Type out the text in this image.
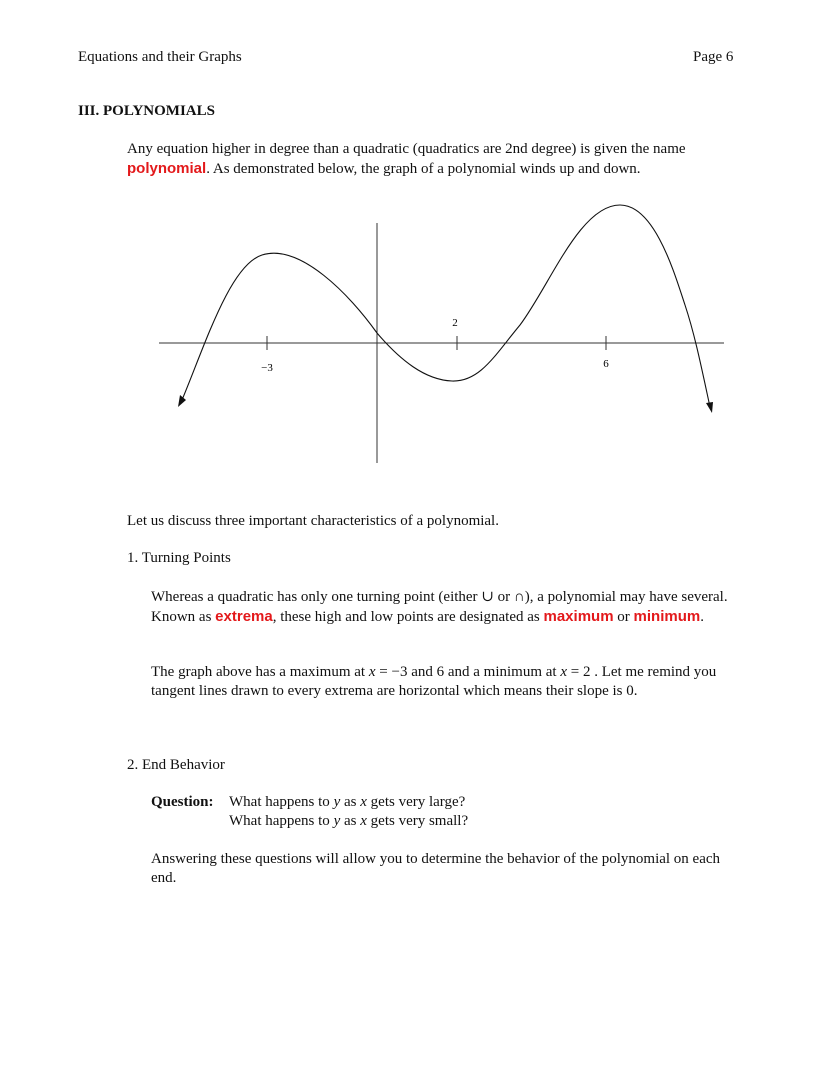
Equations and their Graphs	Page 6
III. POLYNOMIALS
Any equation higher in degree than a quadratic (quadratics are 2nd degree) is given the name polynomial. As demonstrated below, the graph of a polynomial winds up and down.
−3
2
6
Let us discuss three important characteristics of a polynomial.
1. Turning Points
Whereas a quadratic has only one turning point (either ∪ or ∩), a polynomial may have several. Known as extrema, these high and low points are designated as maximum or minimum.
The graph above has a maximum at x = −3 and 6 and a minimum at x = 2 . Let me remind you tangent lines drawn to every extrema are horizontal which means their slope is 0.
2. End Behavior
Question: What happens to y as x gets very large?
What happens to y as x gets very small?
Answering these questions will allow you to determine the behavior of the polynomial on each end.
